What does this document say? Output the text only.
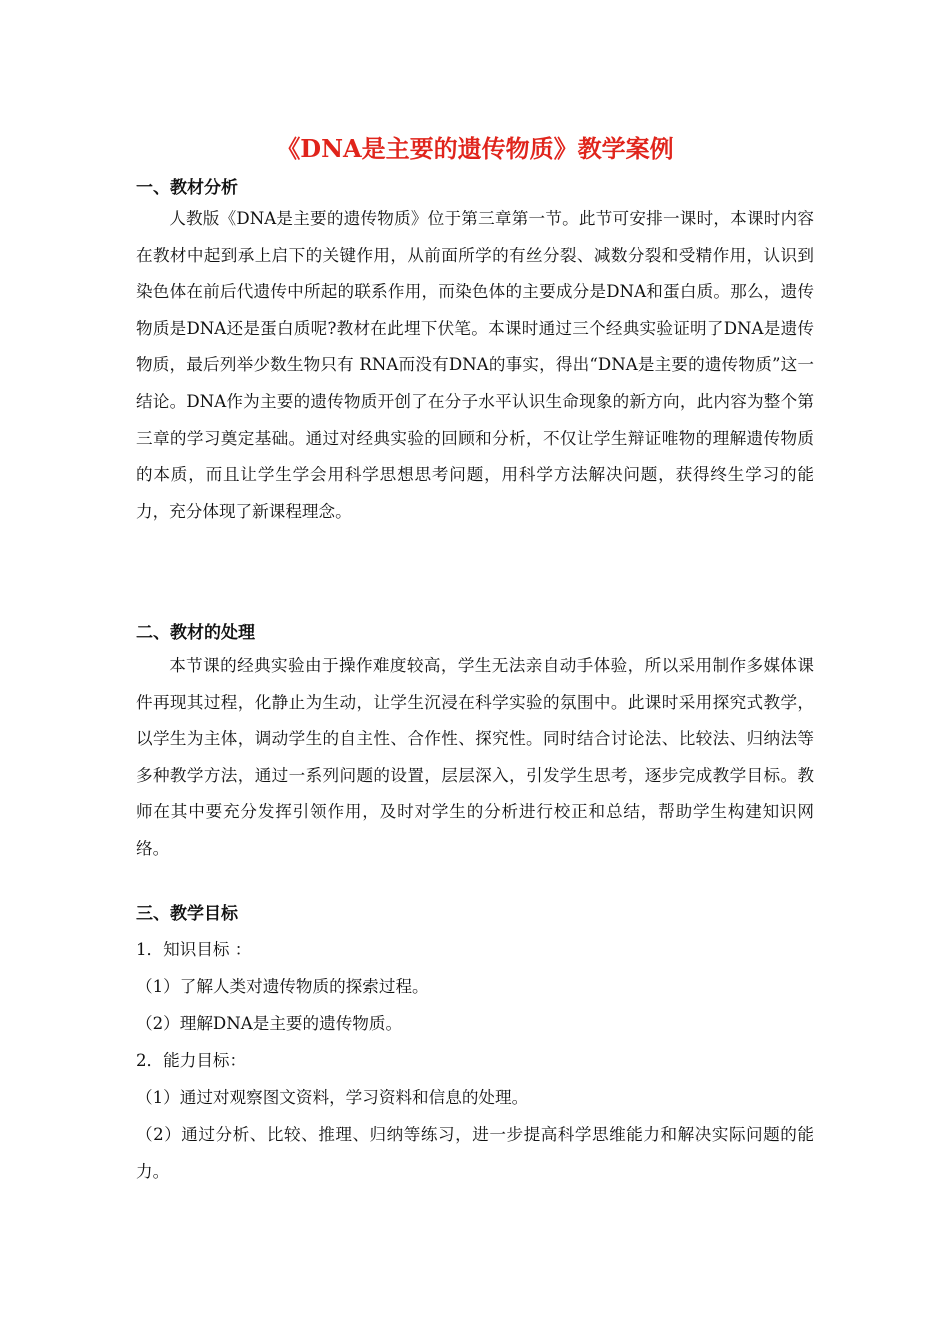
《DNA是主要的遗传物质》教学案例
一、教材分析

人教版《DNA是主要的遗传物质》位于第三章第一节。此节可安排一课时，本课时内容在教材中起到承上启下的关键作用，从前面所学的有丝分裂、减数分裂和受精作用，认识到染色体在前后代遗传中所起的联系作用，而染色体的主要成分是DNA和蛋白质。那么，遗传物质是DNA还是蛋白质呢?教材在此埋下伏笔。本课时通过三个经典实验证明了DNA是遗传物质，最后列举少数生物只有 RNA而没有DNA的事实，得出“DNA是主要的遗传物质”这一结论。DNA作为主要的遗传物质开创了在分子水平认识生命现象的新方向，此内容为整个第三章的学习奠定基础。通过对经典实验的回顾和分析，不仅让学生辩证唯物的理解遗传物质的本质，而且让学生学会用科学思想思考问题，用科学方法解决问题，获得终生学习的能力，充分体现了新课程理念。

二、教材的处理

本节课的经典实验由于操作难度较高，学生无法亲自动手体验，所以采用制作多媒体课件再现其过程，化静止为生动，让学生沉浸在科学实验的氛围中。此课时采用探究式教学，以学生为主体，调动学生的自主性、合作性、探究性。同时结合讨论法、比较法、归纳法等多种教学方法，通过一系列问题的设置，层层深入，引发学生思考，逐步完成教学目标。教师在其中要充分发挥引领作用，及时对学生的分析进行校正和总结，帮助学生构建知识网络。

三、教学目标
1．知识目标 ：
（1）了解人类对遗传物质的探索过程。
（2）理解DNA是主要的遗传物质。
2．能力目标：
（1）通过对观察图文资料，学习资料和信息的处理。
（2）通过分析、比较、推理、归纳等练习，进一步提高科学思维能力和解决实际问题的能力。
